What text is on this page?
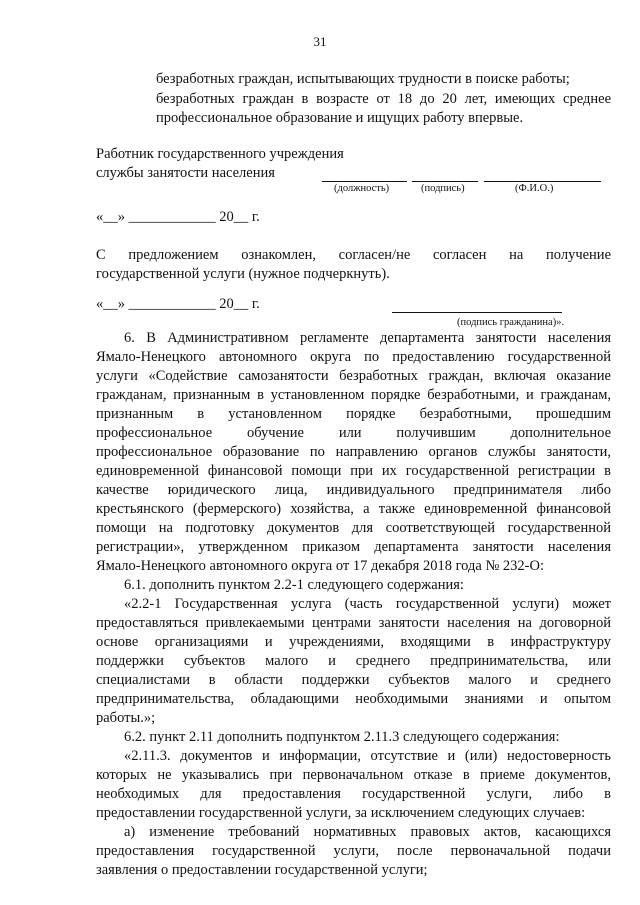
31
безработных граждан, испытывающих трудности в поиске работы;
безработных граждан в возрасте от 18 до 20 лет, имеющих среднее
профессиональное образование и ищущих работу впервые.
Работник государственного учреждения
службы занятости населения
(должность)	(подпись)	(Ф.И.О.)
«__» ____________ 20__ г.
С предложением ознакомлен, согласен/не согласен на получение
государственной услуги (нужное подчеркнуть).
«__» ____________ 20__ г.
(подпись гражданина)».
6. В Административном регламенте департамента занятости населения
Ямало-Ненецкого автономного округа по предоставлению государственной
услуги «Содействие самозанятости безработных граждан, включая оказание
гражданам, признанным в установленном порядке безработными, и гражданам,
признанным в установленном порядке безработными, прошедшим
профессиональное обучение или получившим дополнительное
профессиональное образование по направлению органов службы занятости,
единовременной финансовой помощи при их государственной регистрации в
качестве юридического лица, индивидуального предпринимателя либо
крестьянского (фермерского) хозяйства, а также единовременной финансовой
помощи на подготовку документов для соответствующей государственной
регистрации», утвержденном приказом департамента занятости населения
Ямало-Ненецкого автономного округа от 17 декабря 2018 года № 232-О:
6.1. дополнить пунктом 2.2-1 следующего содержания:
«2.2-1 Государственная услуга (часть государственной услуги) может
предоставляться привлекаемыми центрами занятости населения на договорной
основе организациями и учреждениями, входящими в инфраструктуру
поддержки субъектов малого и среднего предпринимательства, или
специалистами в области поддержки субъектов малого и среднего
предпринимательства, обладающими необходимыми знаниями и опытом
работы.»;
6.2. пункт 2.11 дополнить подпунктом 2.11.3 следующего содержания:
«2.11.3. документов и информации, отсутствие и (или) недостоверность
которых не указывались при первоначальном отказе в приеме документов,
необходимых для предоставления государственной услуги, либо в
предоставлении государственной услуги, за исключением следующих случаев:
а) изменение требований нормативных правовых актов, касающихся
предоставления государственной услуги, после первоначальной подачи
заявления о предоставлении государственной услуги;
